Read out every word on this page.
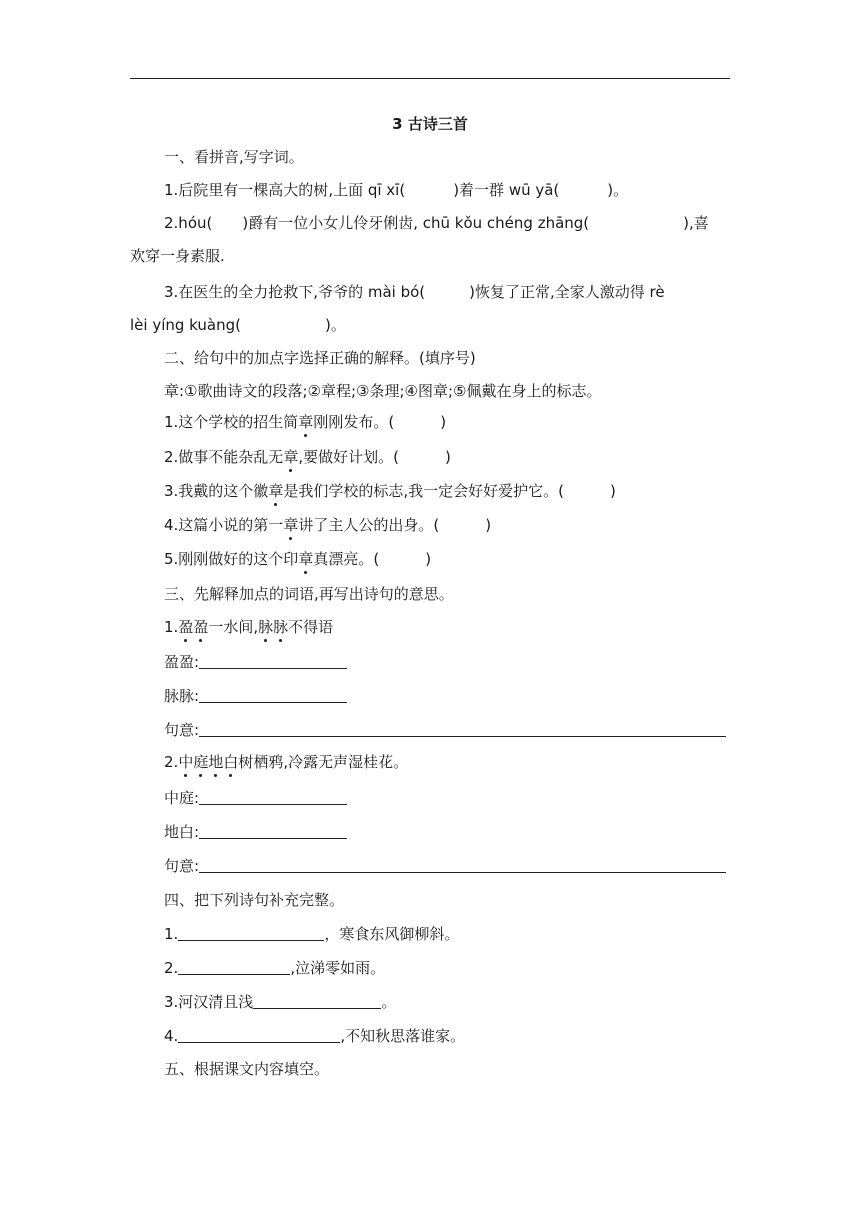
3 古诗三首
一、看拼音,写字词。
1.后院里有一棵高大的树,上面 qī xī(	)着一群 wū yā(	)。
2.hóu( )爵有一位小女儿伶牙俐齿, chū kǒu chéng zhāng(	),喜
欢穿一身素服.
3.在医生的全力抢救下,爷爷的 mài bó(	)恢复了正常,全家人激动得 rè
lèi yíng kuàng(	)。
二、给句中的加点字选择正确的解释。(填序号)
章:①歌曲诗文的段落;②章程;③条理;④图章;⑤佩戴在身上的标志。
1.这个学校的招生简章刚刚发布。(	)
2.做事不能杂乱无章,要做好计划。(	)
3.我戴的这个徽章是我们学校的标志,我一定会好好爱护它。(	)
4.这篇小说的第一章讲了主人公的出身。(	)
5.刚刚做好的这个印章真漂亮。(	)
三、先解释加点的词语,再写出诗句的意思。
1.盈盈一水间,脉脉不得语
盈盈:
脉脉:
句意:
2.中庭地白树栖鸦,冷露无声湿桂花。
中庭:
地白:
句意:
四、把下列诗句补充完整。
1.	，寒食东风御柳斜。
2.	,泣涕零如雨。
3.河汉清且浅	。
4.	,不知秋思落谁家。
五、根据课文内容填空。
